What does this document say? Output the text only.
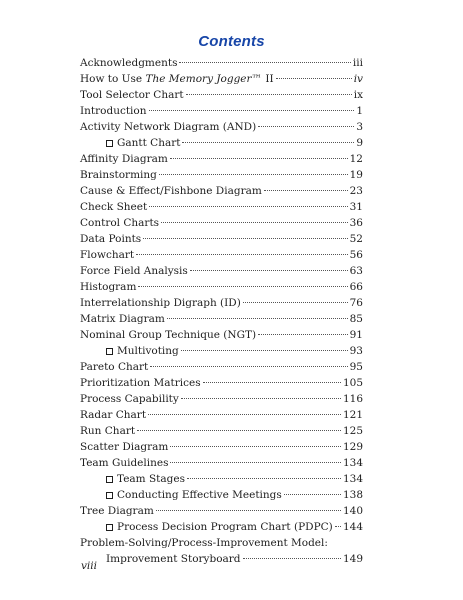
Contents
Acknowledgments	iii
How to Use The Memory Jogger™ II	iv
Tool Selector Chart	ix
Introduction	1
Activity Network Diagram (AND)	3
Gantt Chart	9
Affinity Diagram	12
Brainstorming	19
Cause & Effect/Fishbone Diagram	23
Check Sheet	31
Control Charts	36
Data Points	52
Flowchart	56
Force Field Analysis	63
Histogram	66
Interrelationship Digraph (ID)	76
Matrix Diagram	85
Nominal Group Technique (NGT)	91
Multivoting	93
Pareto Chart	95
Prioritization Matrices	105
Process Capability	116
Radar Chart	121
Run Chart	125
Scatter Diagram	129
Team Guidelines	134
Team Stages	134
Conducting Effective Meetings	138
Tree Diagram	140
Process Decision Program Chart (PDPC) 144
Problem-Solving/Process-Improvement Model:
Improvement Storyboard	149
viii
